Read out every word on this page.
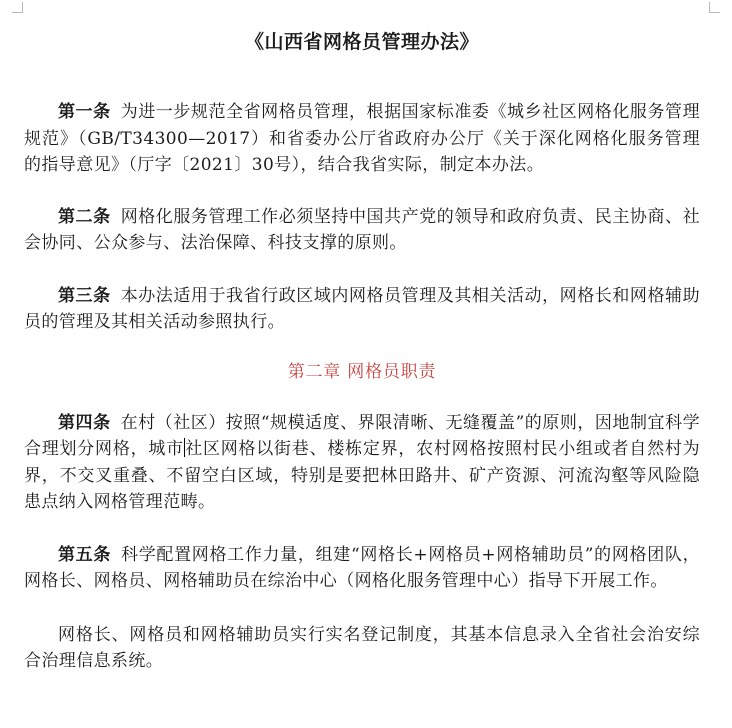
《山西省网格员管理办法》

第一条 为进一步规范全省网格员管理，根据国家标准委《城乡社区网格化服务管理规范》（GB/T34300—2017）和省委办公厅省政府办公厅《关于深化网格化服务管理的指导意见》（厅字〔2021〕30号），结合我省实际，制定本办法。

第二条 网格化服务管理工作必须坚持中国共产党的领导和政府负责、民主协商、社会协同、公众参与、法治保障、科技支撑的原则。

第三条 本办法适用于我省行政区域内网格员管理及其相关活动，网格长和网格辅助员的管理及其相关活动参照执行。

第二章 网格员职责

第四条 在村（社区）按照“规模适度、界限清晰、无缝覆盖”的原则，因地制宜科学合理划分网格，城市社区网格以街巷、楼栋定界，农村网格按照村民小组或者自然村为界，不交叉重叠、不留空白区域，特别是要把林田路井、矿产资源、河流沟壑等风险隐患点纳入网格管理范畴。

第五条 科学配置网格工作力量，组建“网格长+网格员+网格辅助员”的网格团队，网格长、网格员、网格辅助员在综治中心（网格化服务管理中心）指导下开展工作。

网格长、网格员和网格辅助员实行实名登记制度，其基本信息录入全省社会治安综合治理信息系统。
